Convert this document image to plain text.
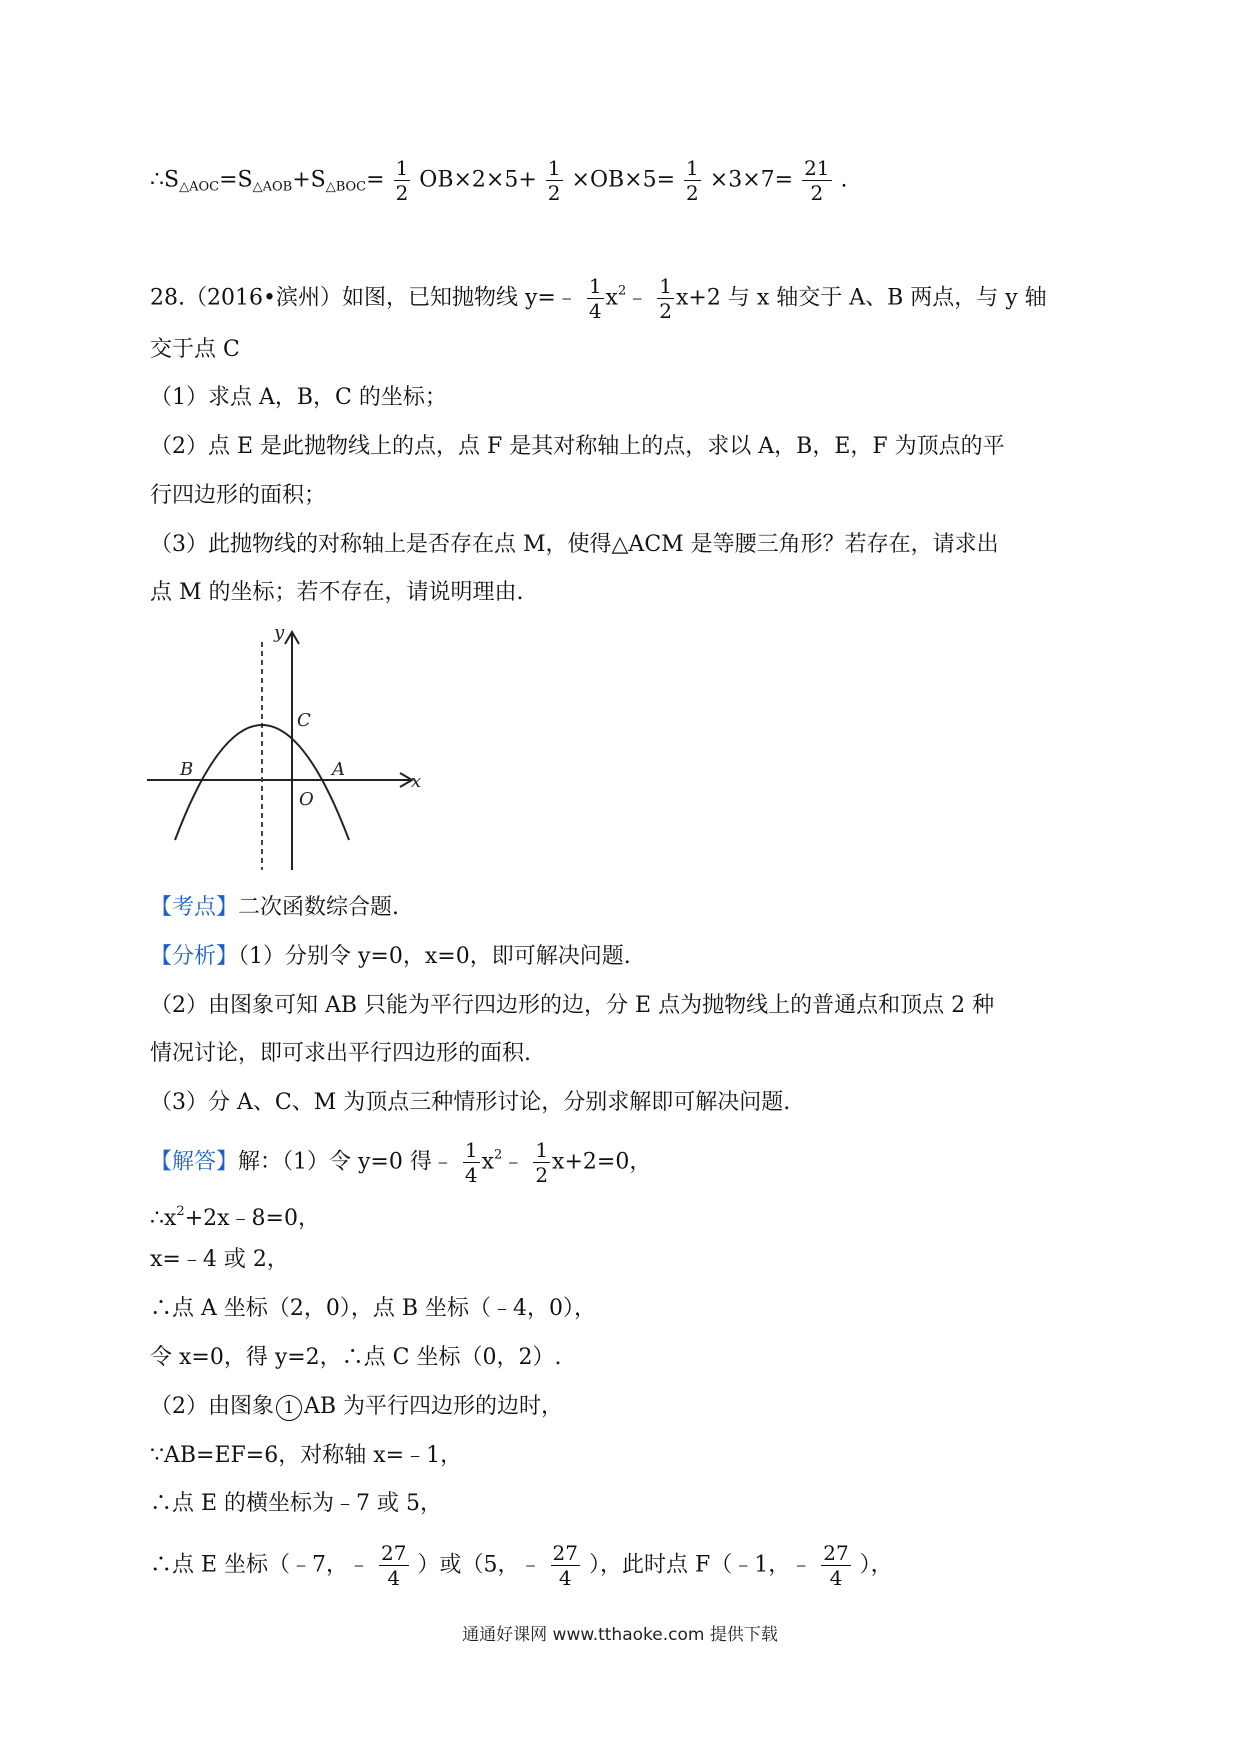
$\therefore S_{\triangle AOC}=S_{\triangle AOB}+S_{\triangle BOC}= \frac{1}{2} OB\times 2\times 5+ \frac{1}{2} \times OB\times 5= \frac{1}{2} \times 3\times 7= \frac{21}{2}$ .
28.（2016•滨州）如图，已知抛物线 y=﹣ $\frac{1}{4}$ $x^2﹣ \frac{1}{2} x+2$ 与 x 轴交于 A、B 两点，与 y 轴
交于点 C
（1）求点 A，B，C 的坐标；
（2）点 E 是此抛物线上的点，点 F 是其对称轴上的点，求以 A，B，E，F 为顶点的平
行四边形的面积；
（3）此抛物线的对称轴上是否存在点 M，使得△ACM 是等腰三角形？若存在，请求出
点 M 的坐标；若不存在，请说明理由.
y
x
C
B	A
O
【考点】二次函数综合题.
【分析】（1）分别令 y=0，x=0，即可解决问题.
（2）由图象可知 AB 只能为平行四边形的边，分 E 点为抛物线上的普通点和顶点 2 种
情况讨论，即可求出平行四边形的面积.
（3）分 A、C、M 为顶点三种情形讨论，分别求解即可解决问题.
【解答】解：（1）令 y=0 得﹣ $\frac{1}{4}$ $x^2﹣ \frac{1}{2} x+2=0$，
$\therefore x^2+2x﹣8=0$，
x=﹣4 或 2，
∴点 A 坐标（2，0），点 B 坐标（﹣4，0），
令 x=0，得 y=2，∴点 C 坐标（0，2）.
（2）由图象 1 AB 为平行四边形的边时，
∵AB=EF=6，对称轴 x=﹣1，
∴点 E 的横坐标为﹣7 或 5，
∴点 E 坐标（﹣7，﹣ $\frac{27}{4}$ ）或（5，﹣ $\frac{27}{4}$ ），此时点 F（﹣1，﹣ $\frac{27}{4}$ ），
通通好课网 www.tthaoke.com 提供下载
